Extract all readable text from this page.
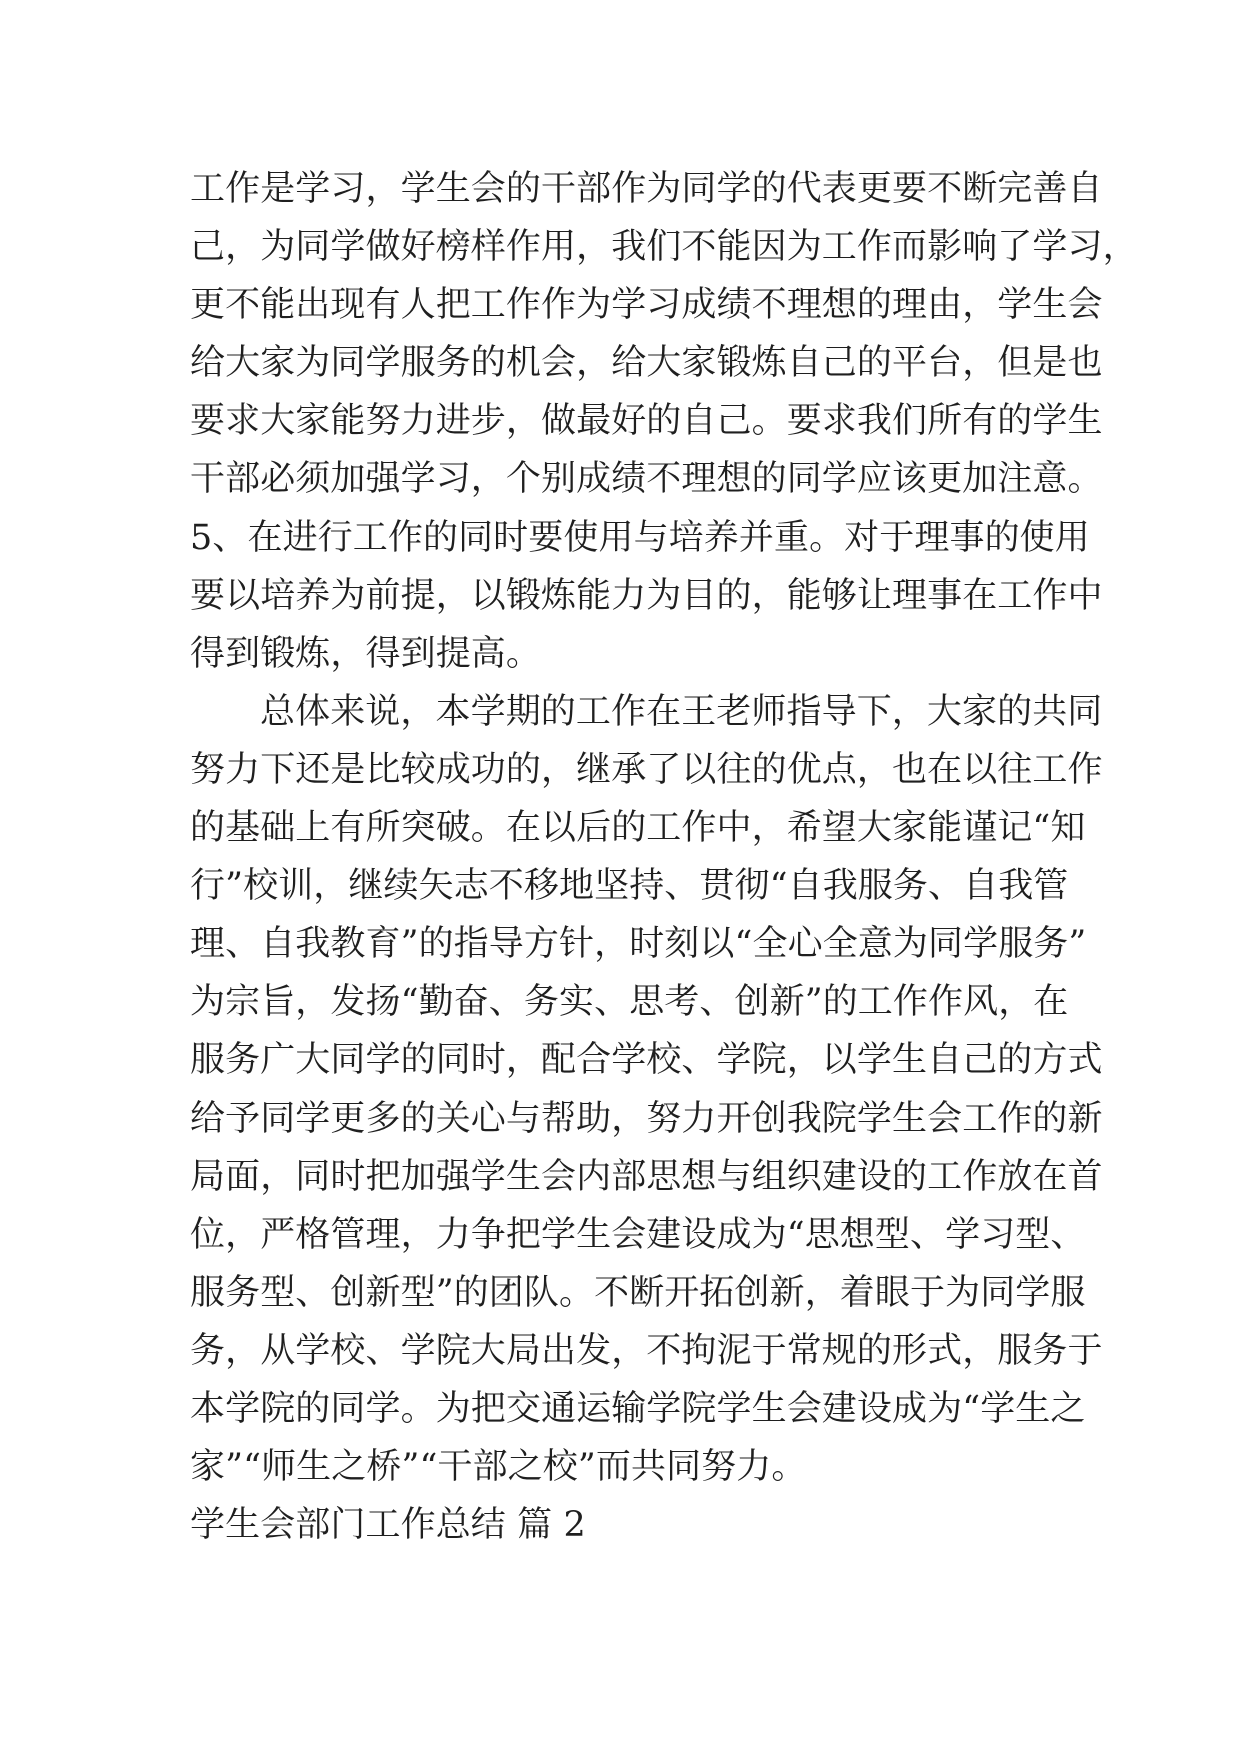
工作是学习，学生会的干部作为同学的代表更要不断完善自
己，为同学做好榜样作用，我们不能因为工作而影响了学习，
更不能出现有人把工作作为学习成绩不理想的理由，学生会
给大家为同学服务的机会，给大家锻炼自己的平台，但是也
要求大家能努力进步，做最好的自己。要求我们所有的学生
干部必须加强学习，个别成绩不理想的同学应该更加注意。
5、在进行工作的同时要使用与培养并重。对于理事的使用
要以培养为前提，以锻炼能力为目的，能够让理事在工作中
得到锻炼，得到提高。
总体来说，本学期的工作在王老师指导下，大家的共同
努力下还是比较成功的，继承了以往的优点，也在以往工作
的基础上有所突破。在以后的工作中，希望大家能谨记“知
行”校训，继续矢志不移地坚持、贯彻“自我服务、自我管
理、自我教育”的指导方针，时刻以“全心全意为同学服务”
为宗旨，发扬“勤奋、务实、思考、创新”的工作作风，在
服务广大同学的同时，配合学校、学院，以学生自己的方式
给予同学更多的关心与帮助，努力开创我院学生会工作的新
局面，同时把加强学生会内部思想与组织建设的工作放在首
位，严格管理，力争把学生会建设成为“思想型、学习型、
服务型、创新型”的团队。不断开拓创新，着眼于为同学服
务，从学校、学院大局出发，不拘泥于常规的形式，服务于
本学院的同学。为把交通运输学院学生会建设成为“学生之
家”“师生之桥”“干部之校”而共同努力。
学生会部门工作总结 篇 2
